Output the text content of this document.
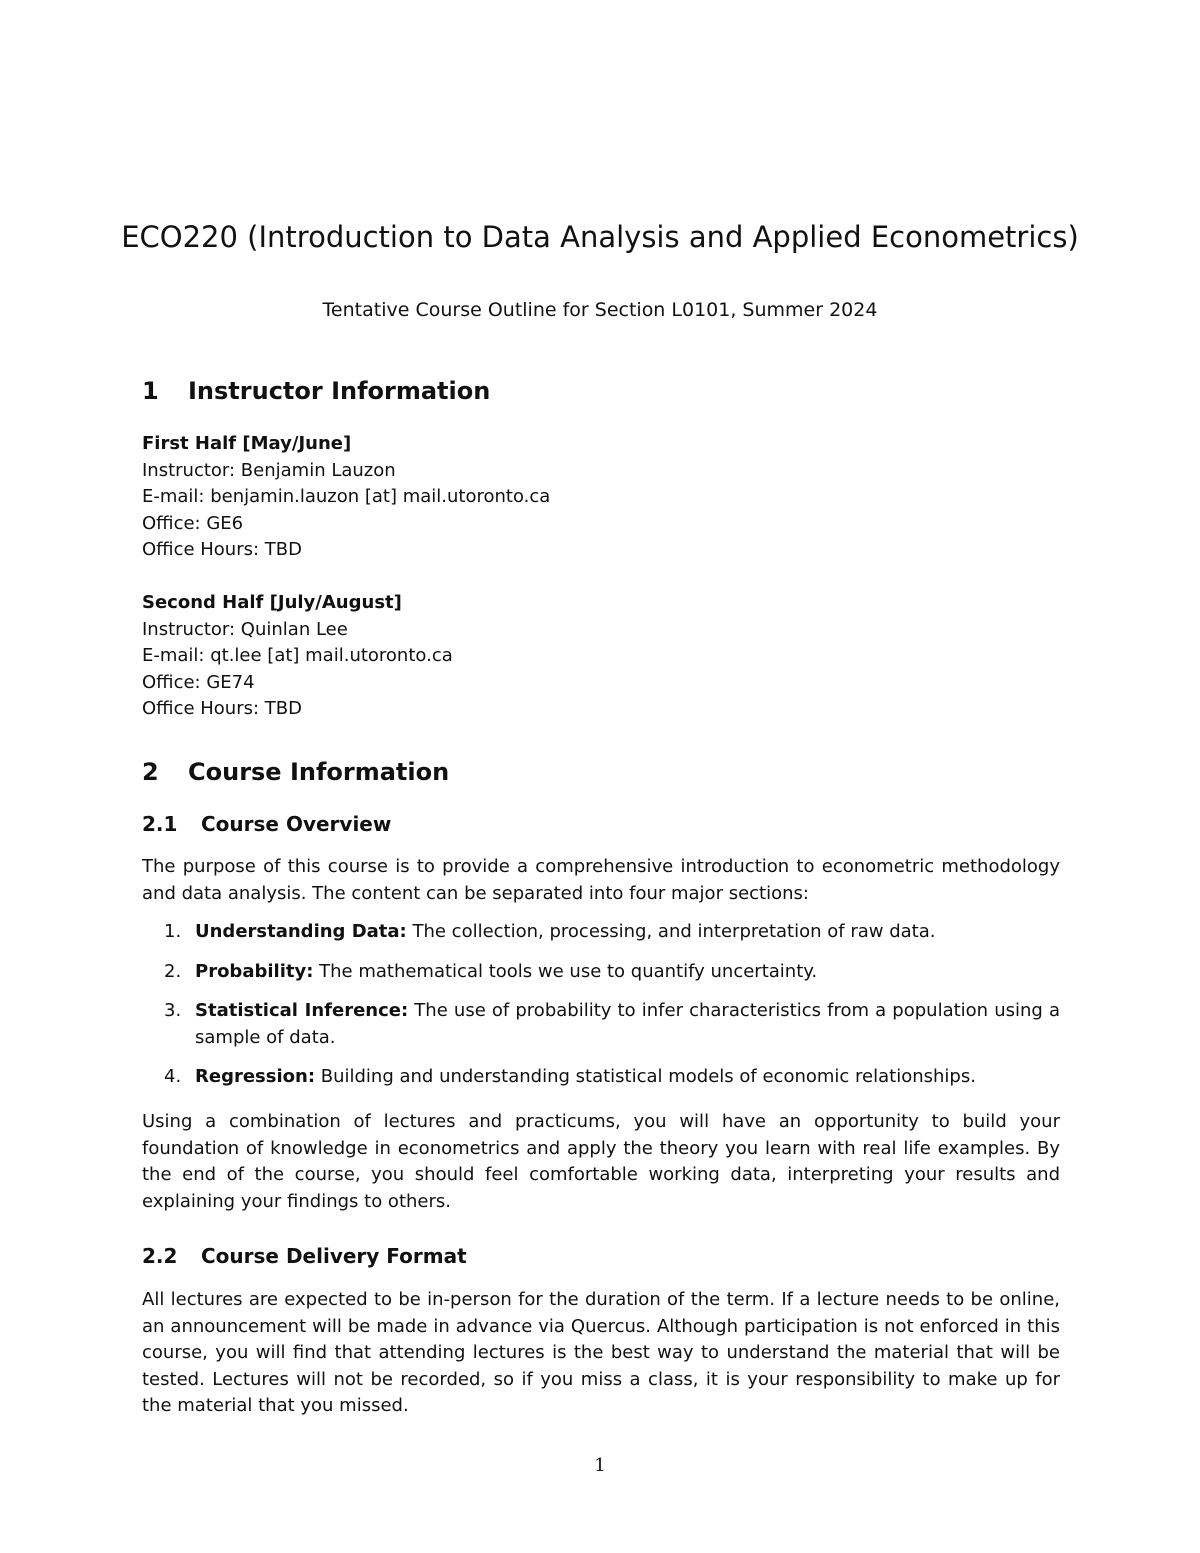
ECO220 (Introduction to Data Analysis and Applied Econometrics)

Tentative Course Outline for Section L0101, Summer 2024

1 Instructor Information
First Half [May/June]
Instructor: Benjamin Lauzon
E-mail: benjamin.lauzon [at] mail.utoronto.ca
Office: GE6
Office Hours: TBD
Second Half [July/August]
Instructor: Quinlan Lee
E-mail: qt.lee [at] mail.utoronto.ca
Office: GE74
Office Hours: TBD
2 Course Information
2.1 Course Overview

The purpose of this course is to provide a comprehensive introduction to econometric methodology and data analysis. The content can be separated into four major sections:

1. Understanding Data: The collection, processing, and interpretation of raw data.
2. Probability: The mathematical tools we use to quantify uncertainty.
3. Statistical Inference: The use of probability to infer characteristics from a population using a sample of data.
4. Regression: Building and understanding statistical models of economic relationships.

Using a combination of lectures and practicums, you will have an opportunity to build your foundation of knowledge in econometrics and apply the theory you learn with real life examples. By the end of the course, you should feel comfortable working data, interpreting your results and explaining your findings to others.

2.2 Course Delivery Format

All lectures are expected to be in-person for the duration of the term. If a lecture needs to be online, an announcement will be made in advance via Quercus. Although participation is not enforced in this course, you will find that attending lectures is the best way to understand the material that will be tested. Lectures will not be recorded, so if you miss a class, it is your responsibility to make up for the material that you missed.

1
